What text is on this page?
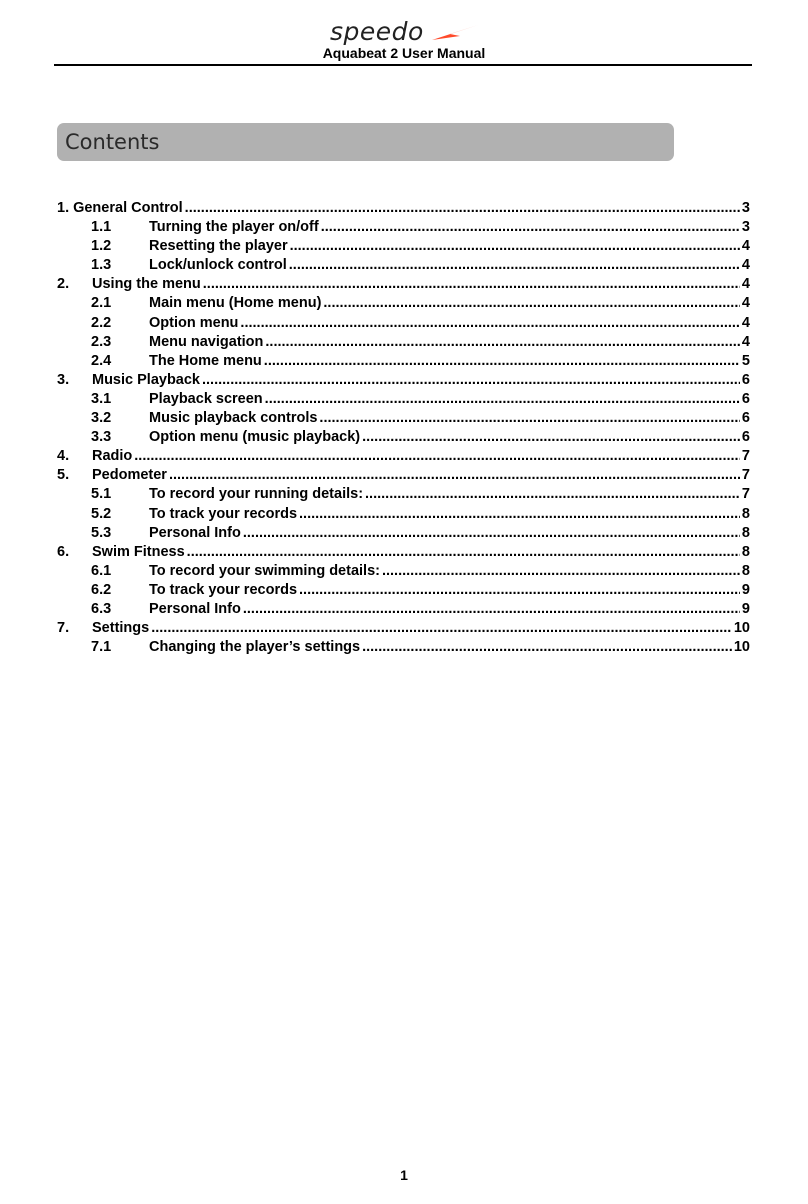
speedo
Aquabeat 2 User Manual
Contents
1. General Control .....	3
1.1	Turning the player on/off .....	3
1.2	Resetting the player .....	4
1.3	Lock/unlock control .....	4
2.	Using the menu .....	4
2.1	Main menu (Home menu) .....	4
2.2	Option menu .....	4
2.3	Menu navigation .....	4
2.4	The Home menu .....	5
3.	Music Playback .....	6
3.1	Playback screen .....	6
3.2	Music playback controls .....	6
3.3	Option menu (music playback) .....	6
4.	Radio .....	7
5.	Pedometer .....	7
5.1	To record your running details: .....	7
5.2	To track your records .....	8
5.3	Personal Info .....	8
6.	Swim Fitness .....	8
6.1	To record your swimming details: .....	8
6.2	To track your records .....	9
6.3	Personal Info .....	9
7.	Settings .....	10
7.1	Changing the player’s settings .....	10
1
